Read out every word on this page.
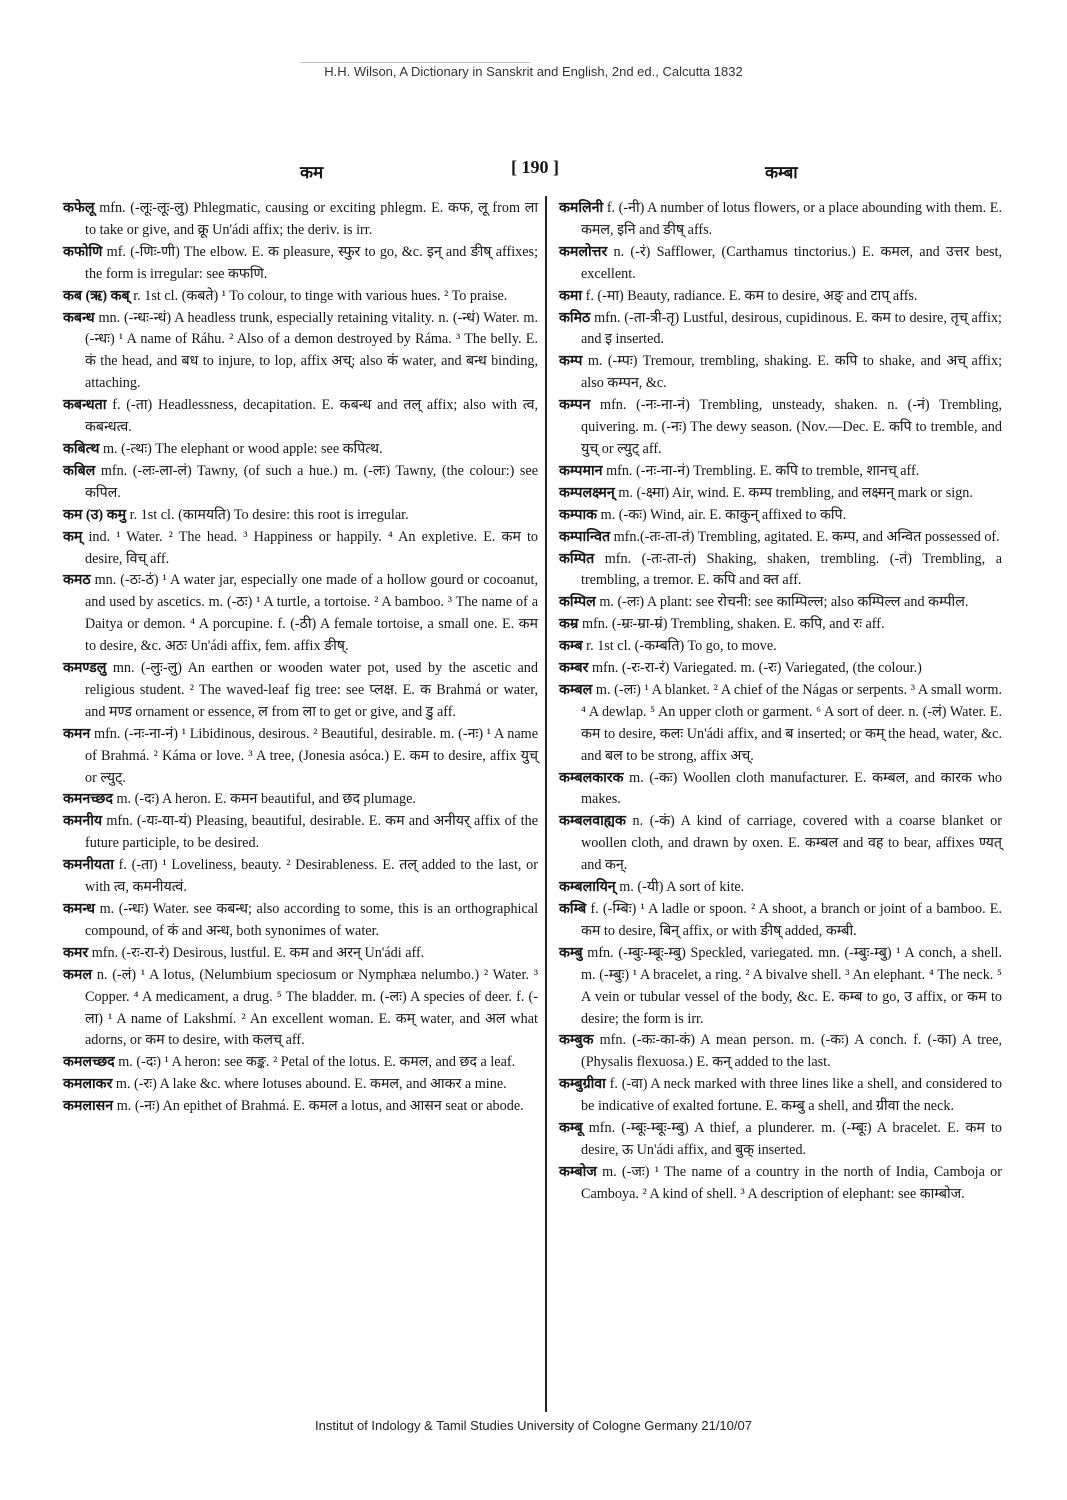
H.H. Wilson, A Dictionary in Sanskrit and English, 2nd ed., Calcutta 1832
कम	[ 190 ]	कम्बा

कफेलू mfn. (-लूः-लूः-लु) Phlegmatic, causing or exciting phlegm. E. कफ, लू from ला to take or give, and क्रू Un'ádi affix; the deriv. is irr.

कफोणि mf. (-णिः-णी) The elbow. E. क pleasure, स्फुर to go, &c. इन् and ङीष् affixes; the form is irregular: see कफणि.

कब (ऋ) कब् r. 1st cl. (कबते) ¹ To colour, to tinge with various hues. ² To praise.

कबन्ध mn. (-न्धः-न्धं) A headless trunk, especially retaining vitality. n. (-न्धं) Water. m. (-न्धः) ¹ A name of Ráhu. ² Also of a demon destroyed by Ráma. ³ The belly. E. कं the head, and बध to injure, to lop, affix अच्; also कं water, and बन्ध binding, attaching.

कबन्धता f. (-ता) Headlessness, decapitation. E. कबन्ध and तल् affix; also with त्व, कबन्धत्व.

कबित्थ m. (-त्थः) The elephant or wood apple: see कपित्थ.

कबिल mfn. (-लः-ला-लं) Tawny, (of such a hue.) m. (-लः) Tawny, (the colour:) see कपिल.

कम (उ) कमु r. 1st cl. (कामयति) To desire: this root is irregular.

कम् ind. ¹ Water. ² The head. ³ Happiness or happily. ⁴ An expletive. E. कम to desire, विच् aff.

कमठ mn. (-ठः-ठं) ¹ A water jar, especially one made of a hollow gourd or cocoanut, and used by ascetics. m. (-ठः) ¹ A turtle, a tortoise. ² A bamboo. ³ The name of a Daitya or demon. ⁴ A porcupine. f. (-ठी) A female tortoise, a small one. E. कम to desire, &c. अठः Un'ádi affix, fem. affix ङीष्.

कमण्डलु mn. (-लुः-लु) An earthen or wooden water pot, used by the ascetic and religious student. ² The waved-leaf fig tree: see प्लक्ष. E. क Brahmá or water, and मण्ड ornament or essence, ल from ला to get or give, and डु aff.

कमन mfn. (-नः-ना-नं) ¹ Libidinous, desirous. ² Beautiful, desirable. m. (-नः) ¹ A name of Brahmá. ² Káma or love. ³ A tree, (Jonesia asóca.) E. कम to desire, affix युच् or ल्युट्.

कमनच्छद m. (-दः) A heron. E. कमन beautiful, and छद plumage.

कमनीय mfn. (-यः-या-यं) Pleasing, beautiful, desirable. E. कम and अनीयर् affix of the future participle, to be desired.

कमनीयता f. (-ता) ¹ Loveliness, beauty. ² Desirableness. E. तल् added to the last, or with त्व, कमनीयत्वं.

कमन्ध m. (-न्धः) Water. see कबन्ध; also according to some, this is an orthographical compound, of कं and अन्ध, both synonimes of water.

कमर mfn. (-रः-रा-रं) Desirous, lustful. E. कम and अरन् Un'ádi aff.

कमल n. (-लं) ¹ A lotus, (Nelumbium speciosum or Nymphæa nelumbo.) ² Water. ³ Copper. ⁴ A medicament, a drug. ⁵ The bladder. m. (-लः) A species of deer. f. (-ला) ¹ A name of Lakshmí. ² An excellent woman. E. कम् water, and अल what adorns, or कम to desire, with कलच् aff.

कमलच्छद m. (-दः) ¹ A heron: see कङ्क. ² Petal of the lotus. E. कमल, and छद a leaf.

कमलाकर m. (-रः) A lake &c. where lotuses abound. E. कमल, and आकर a mine.

कमलासन m. (-नः) An epithet of Brahmá. E. कमल a lotus, and आसन seat or abode.

कमलिनी f. (-नी) A number of lotus flowers, or a place abounding with them. E. कमल, इनि and ङीष् affs.

कमलोत्तर n. (-रं) Safflower, (Carthamus tinctorius.) E. कमल, and उत्तर best, excellent.

कमा f. (-मा) Beauty, radiance. E. कम to desire, अङ् and टाप् affs.

कमिठ mfn. (-ता-त्री-तृ) Lustful, desirous, cupidinous. E. कम to desire, तृच् affix; and इ inserted.

कम्प m. (-म्पः) Tremour, trembling, shaking. E. कपि to shake, and अच् affix; also कम्पन, &c.

कम्पन mfn. (-नः-ना-नं) Trembling, unsteady, shaken. n. (-नं) Trembling, quivering. m. (-नः) The dewy season. (Nov.—Dec. E. कपि to tremble, and युच् or ल्युट् aff.

कम्पमान mfn. (-नः-ना-नं) Trembling. E. कपि to tremble, शानच् aff.

कम्पलक्ष्मन् m. (-क्ष्मा) Air, wind. E. कम्प trembling, and लक्ष्मन् mark or sign.

कम्पाक m. (-कः) Wind, air. E. काकुन् affixed to कपि.

कम्पान्वित mfn.(-तः-ता-तं) Trembling, agitated. E. कम्प, and अन्वित possessed of.

कम्पित mfn. (-तः-ता-तं) Shaking, shaken, trembling. (-तं) Trembling, a trembling, a tremor. E. कपि and क्त aff.

कम्पिल m. (-लः) A plant: see रोचनी: see काम्पिल्ल; also कम्पिल्ल and कम्पील.

कम्र mfn. (-म्रः-म्रा-म्रं) Trembling, shaken. E. कपि, and रः aff.

कम्ब r. 1st cl. (-कम्बति) To go, to move.

कम्बर mfn. (-रः-रा-रं) Variegated. m. (-रः) Variegated, (the colour.)

कम्बल m. (-लः) ¹ A blanket. ² A chief of the Nágas or serpents. ³ A small worm. ⁴ A dewlap. ⁵ An upper cloth or garment. ⁶ A sort of deer. n. (-लं) Water. E. कम to desire, कलः Un'ádi affix, and ब inserted; or कम् the head, water, &c. and बल to be strong, affix अच्.

कम्बलकारक m. (-कः) Woollen cloth manufacturer. E. कम्बल, and कारक who makes.

कम्बलवाह्यक n. (-कं) A kind of carriage, covered with a coarse blanket or woollen cloth, and drawn by oxen. E. कम्बल and वह to bear, affixes ण्यत् and कन्.

कम्बलायिन् m. (-यी) A sort of kite.

कम्बि f. (-म्बिः) ¹ A ladle or spoon. ² A shoot, a branch or joint of a bamboo. E. कम to desire, बिन् affix, or with ङीष् added, कम्बी.

कम्बु mfn. (-म्बुः-म्बूः-म्बु) Speckled, variegated. mn. (-म्बुः-म्बु) ¹ A conch, a shell. m. (-म्बुः) ¹ A bracelet, a ring. ² A bivalve shell. ³ An elephant. ⁴ The neck. ⁵ A vein or tubular vessel of the body, &c. E. कम्ब to go, उ affix, or कम to desire; the form is irr.

कम्बुक mfn. (-कः-का-कं) A mean person. m. (-कः) A conch. f. (-का) A tree, (Physalis flexuosa.) E. कन् added to the last.

कम्बुग्रीवा f. (-वा) A neck marked with three lines like a shell, and considered to be indicative of exalted fortune. E. कम्बु a shell, and ग्रीवा the neck.

कम्बू mfn. (-म्बूः-म्बूः-म्बु) A thief, a plunderer. m. (-म्बूः) A bracelet. E. कम to desire, ऊ Un'ádi affix, and बुक् inserted.

कम्बोज m. (-जः) ¹ The name of a country in the north of India, Camboja or Camboya. ² A kind of shell. ³ A description of elephant: see काम्बोज.

Institut of Indology & Tamil Studies University of Cologne Germany 21/10/07
